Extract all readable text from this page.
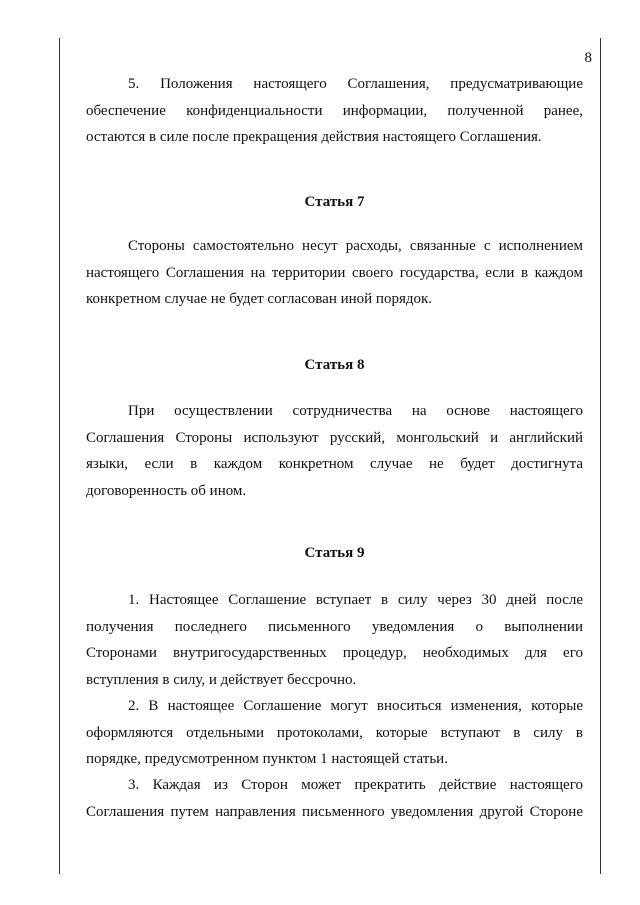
8
5. Положения настоящего Соглашения, предусматривающие
обеспечение конфиденциальности информации, полученной ранее,
остаются в силе после прекращения действия настоящего Соглашения.
Статья 7
Стороны самостоятельно несут расходы, связанные с исполнением
настоящего Соглашения на территории своего государства, если в каждом
конкретном случае не будет согласован иной порядок.
Статья 8
При осуществлении сотрудничества на основе настоящего
Соглашения Стороны используют русский, монгольский и английский
языки, если в каждом конкретном случае не будет достигнута
договоренность об ином.
Статья 9
1. Настоящее Соглашение вступает в силу через 30 дней после
получения последнего письменного уведомления о выполнении
Сторонами внутригосударственных процедур, необходимых для его
вступления в силу, и действует бессрочно.
2. В настоящее Соглашение могут вноситься изменения, которые
оформляются отдельными протоколами, которые вступают в силу в
порядке, предусмотренном пунктом 1 настоящей статьи.
3. Каждая из Сторон может прекратить действие настоящего
Соглашения путем направления письменного уведомления другой Стороне
